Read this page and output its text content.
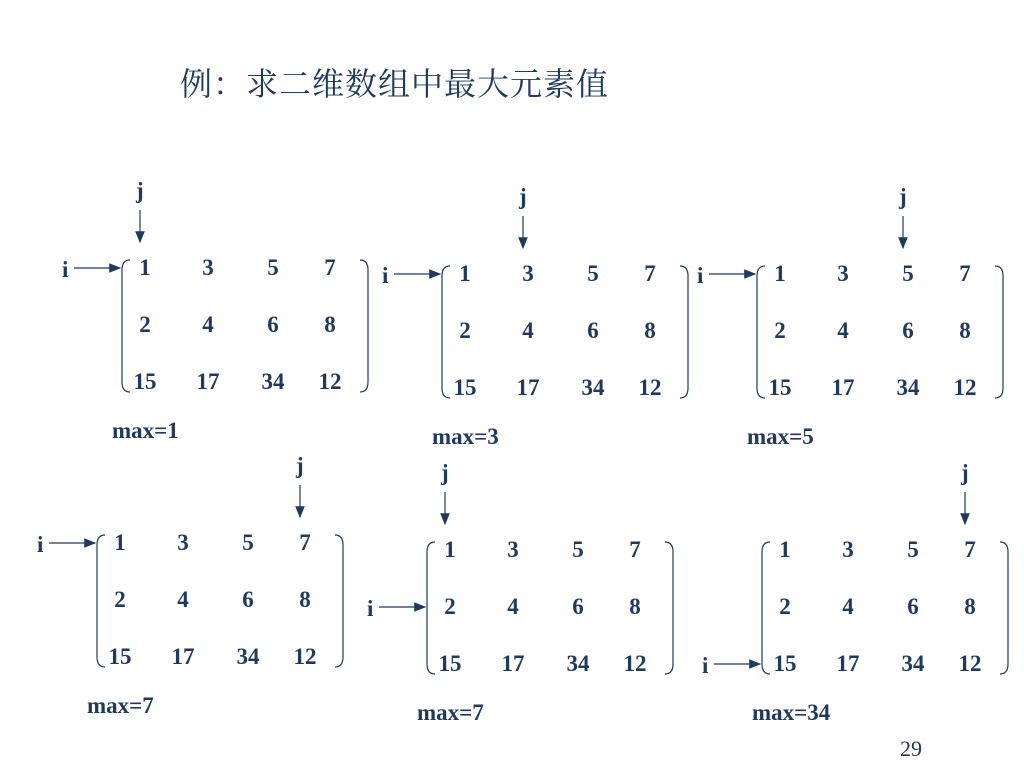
例：求二维数组中最大元素值
i
j
1	3	5	7
2	4	6	8
15	17	34	12
max=1
i
j
1	3	5	7
2	4	6	8
15	17	34	12
max=3
i
j
1	3	5	7
2	4	6	8
15	17	34	12
max=5
i
j
1	3	5	7
2	4	6	8
15	17	34	12
max=7
i
j
1	3	5	7
2	4	6	8
15	17	34	12
max=7
i
j
1	3	5	7
2	4	6	8
15	17	34	12
max=34
29
